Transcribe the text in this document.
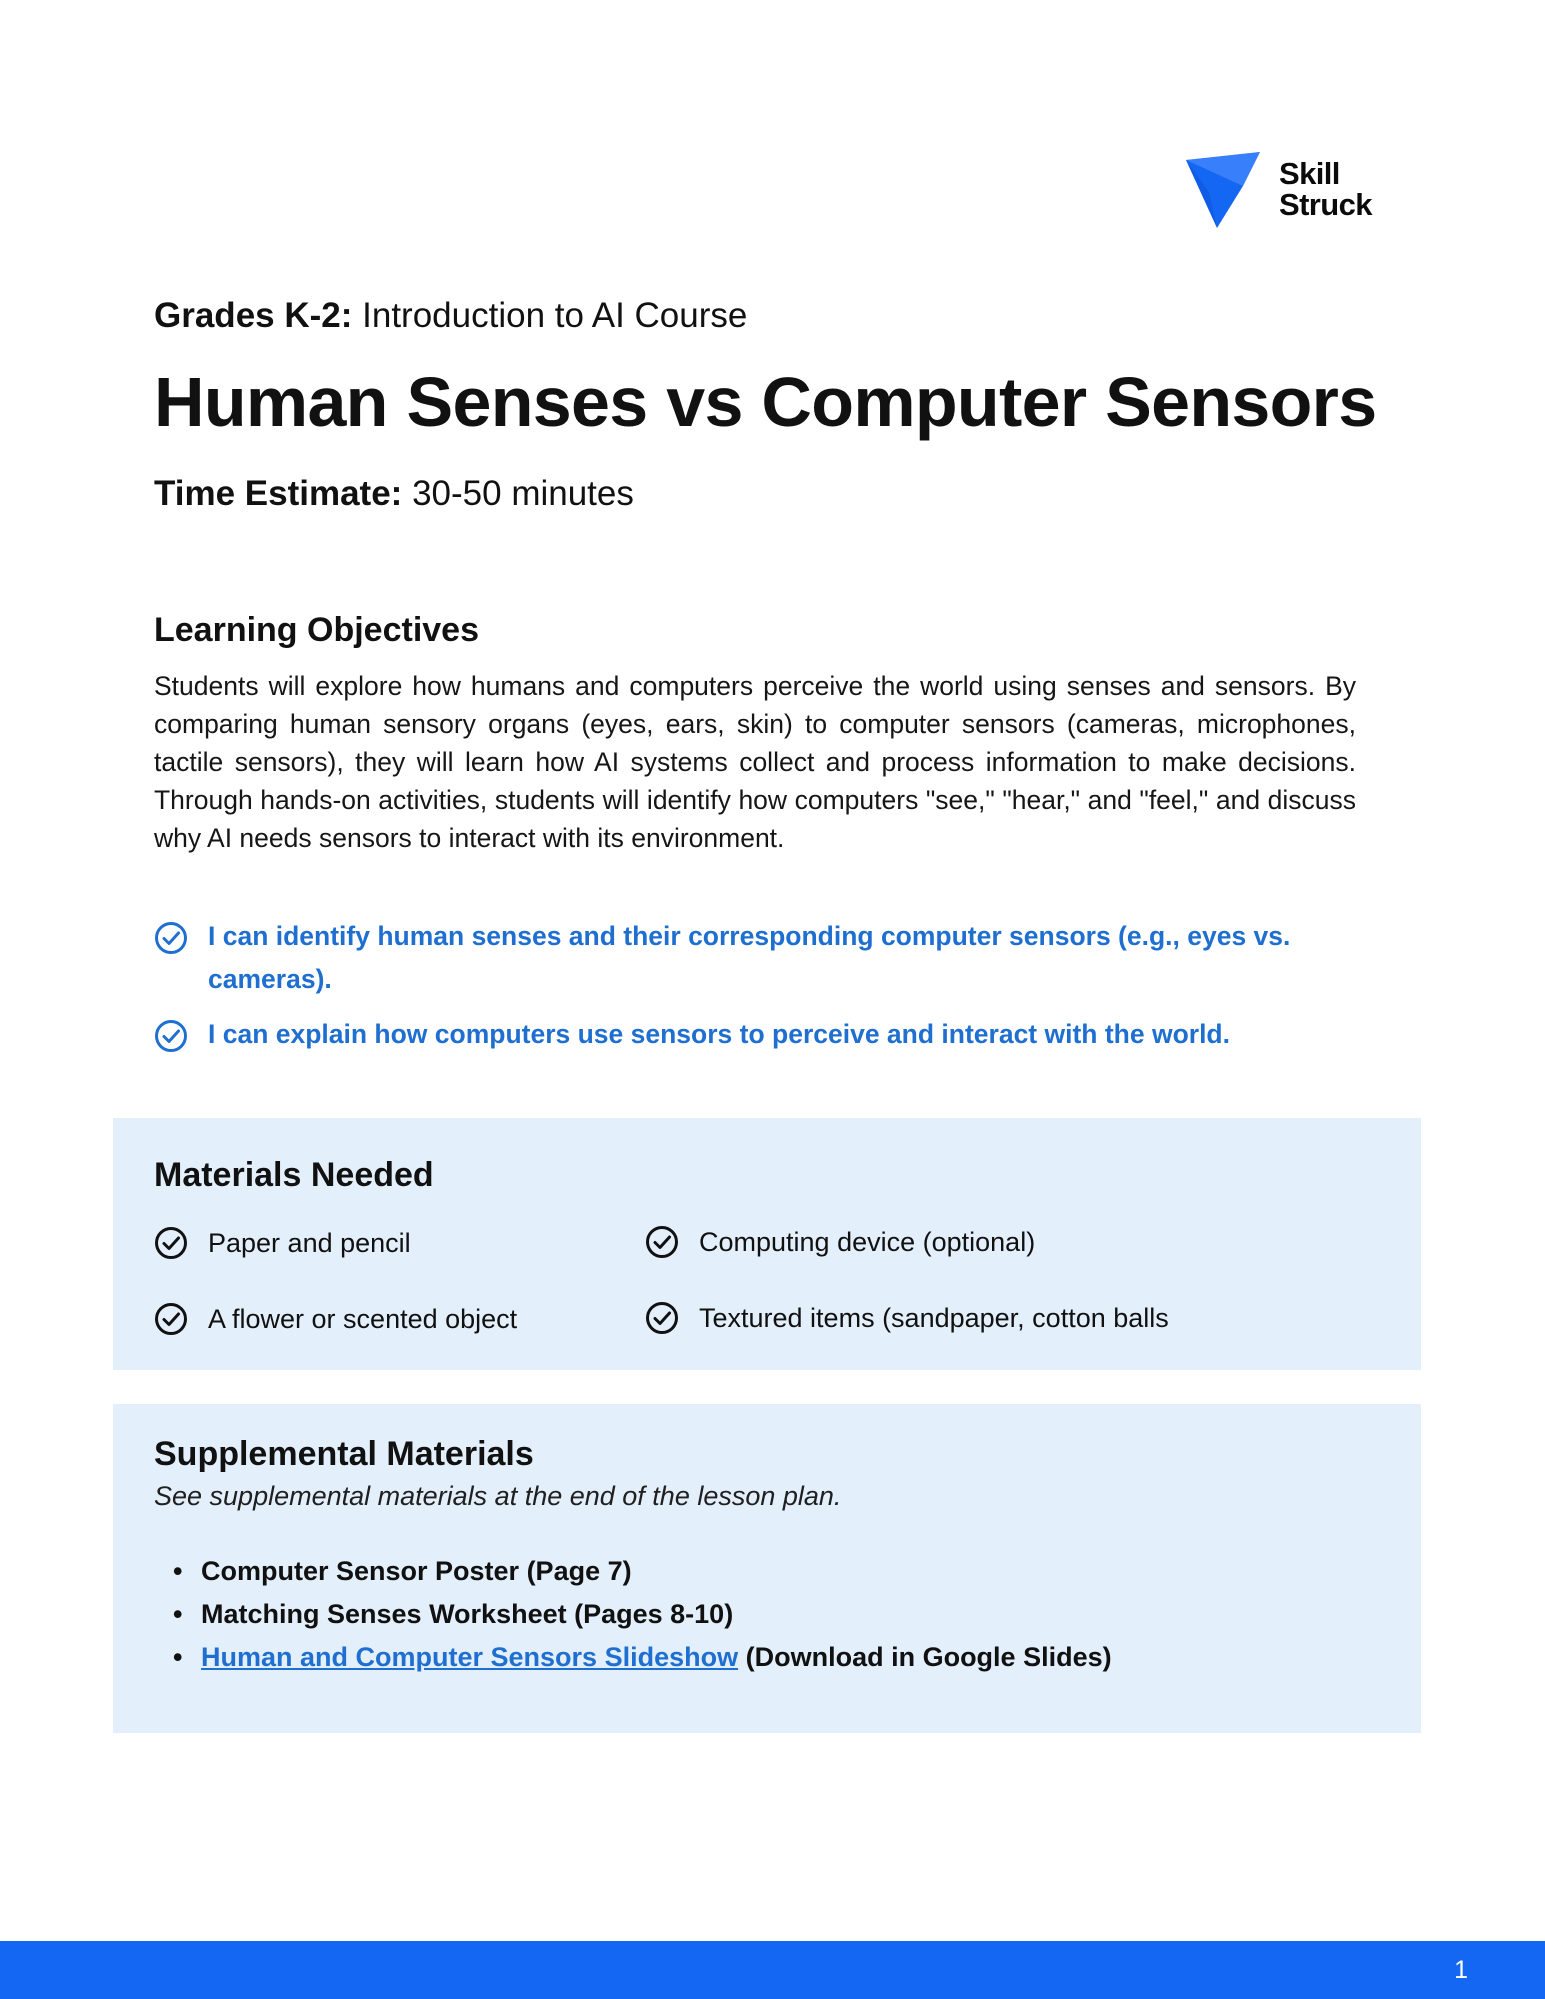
Skill
Struck
Grades K-2: Introduction to AI Course
Human Senses vs Computer Sensors
Time Estimate: 30-50 minutes
Learning Objectives

Students will explore how humans and computers perceive the world using senses and sensors. By comparing human sensory organs (eyes, ears, skin) to computer sensors (cameras, microphones, tactile sensors), they will learn how AI systems collect and process information to make decisions. Through hands-on activities, students will identify how computers "see," "hear," and "feel," and discuss why AI needs sensors to interact with its environment.

I can identify human senses and their corresponding computer sensors (e.g., eyes vs. cameras).
I can explain how computers use sensors to perceive and interact with the world.
Materials Needed
Paper and pencil	Computing device (optional)
A flower or scented object	Textured items (sandpaper, cotton balls
Supplemental Materials

See supplemental materials at the end of the lesson plan.

• Computer Sensor Poster (Page 7)
• Matching Senses Worksheet (Pages 8-10)
• Human and Computer Sensors Slideshow (Download in Google Slides)
1
